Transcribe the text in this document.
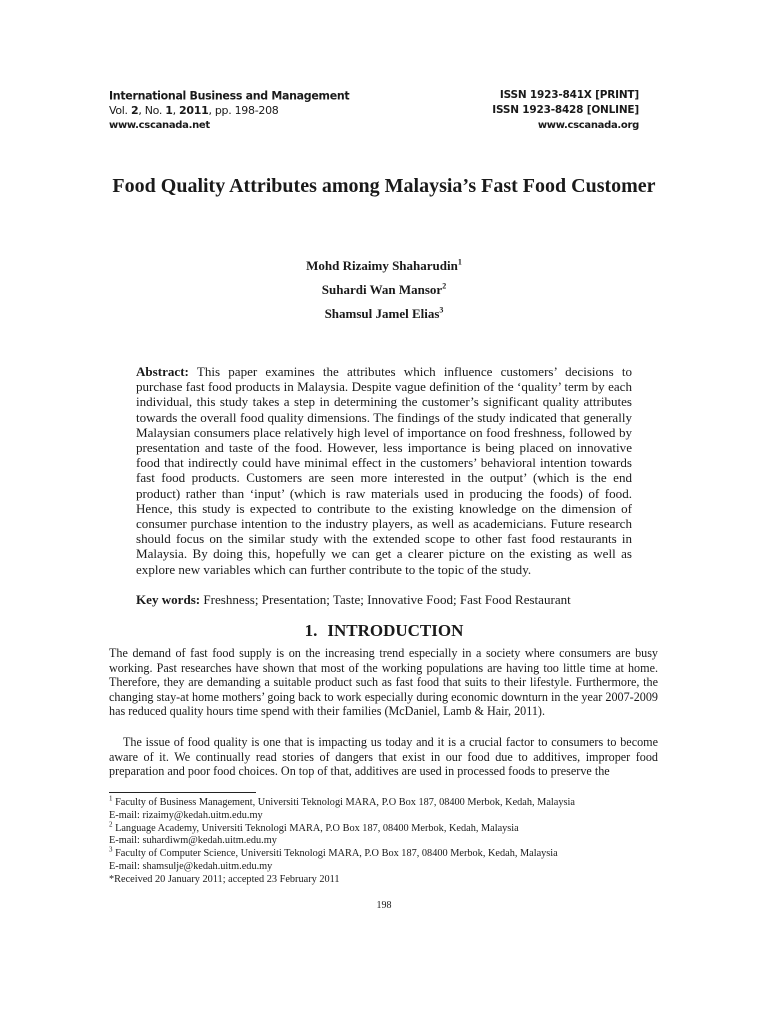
International Business and Management
Vol. 2, No. 1, 2011, pp. 198-208
www.cscanada.net
ISSN 1923-841X [PRINT]
ISSN 1923-8428 [ONLINE]
www.cscanada.org
Food Quality Attributes among Malaysia’s Fast Food Customer
Mohd Rizaimy Shaharudin$^1$
Suhardi Wan Mansor$^2$
Shamsul Jamel Elias$^3$

Abstract: This paper examines the attributes which influence customers’ decisions to purchase fast food products in Malaysia. Despite vague definition of the ‘quality’ term by each individual, this study takes a step in determining the customer’s significant quality attributes towards the overall food quality dimensions. The findings of the study indicated that generally Malaysian consumers place relatively high level of importance on food freshness, followed by presentation and taste of the food. However, less importance is being placed on innovative food that indirectly could have minimal effect in the customers’ behavioral intention towards fast food products. Customers are seen more interested in the output’ (which is the end product) rather than ‘input’ (which is raw materials used in producing the foods) of food. Hence, this study is expected to contribute to the existing knowledge on the dimension of consumer purchase intention to the industry players, as well as academicians. Future research should focus on the similar study with the extended scope to other fast food restaurants in Malaysia. By doing this, hopefully we can get a clearer picture on the existing as well as explore new variables which can further contribute to the topic of the study.

Key words: Freshness; Presentation; Taste; Innovative Food; Fast Food Restaurant

1. INTRODUCTION

The demand of fast food supply is on the increasing trend especially in a society where consumers are busy working. Past researches have shown that most of the working populations are having too little time at home. Therefore, they are demanding a suitable product such as fast food that suits to their lifestyle. Furthermore, the changing stay-at home mothers’ going back to work especially during economic downturn in the year 2007-2009 has reduced quality hours time spend with their families (McDaniel, Lamb & Hair, 2011).

The issue of food quality is one that is impacting us today and it is a crucial factor to consumers to become aware of it. We continually read stories of dangers that exist in our food due to additives, improper food preparation and poor food choices. On top of that, additives are used in processed foods to preserve the

$^1$ Faculty of Business Management, Universiti Teknologi MARA, P.O Box 187, 08400 Merbok, Kedah, Malaysia
E-mail: rizaimy@kedah.uitm.edu.my
$^2$ Language Academy, Universiti Teknologi MARA, P.O Box 187, 08400 Merbok, Kedah, Malaysia
E-mail: suhardiwm@kedah.uitm.edu.my
$^3$ Faculty of Computer Science, Universiti Teknologi MARA, P.O Box 187, 08400 Merbok, Kedah, Malaysia
E-mail: shamsulje@kedah.uitm.edu.my
*Received 20 January 2011; accepted 23 February 2011
198
